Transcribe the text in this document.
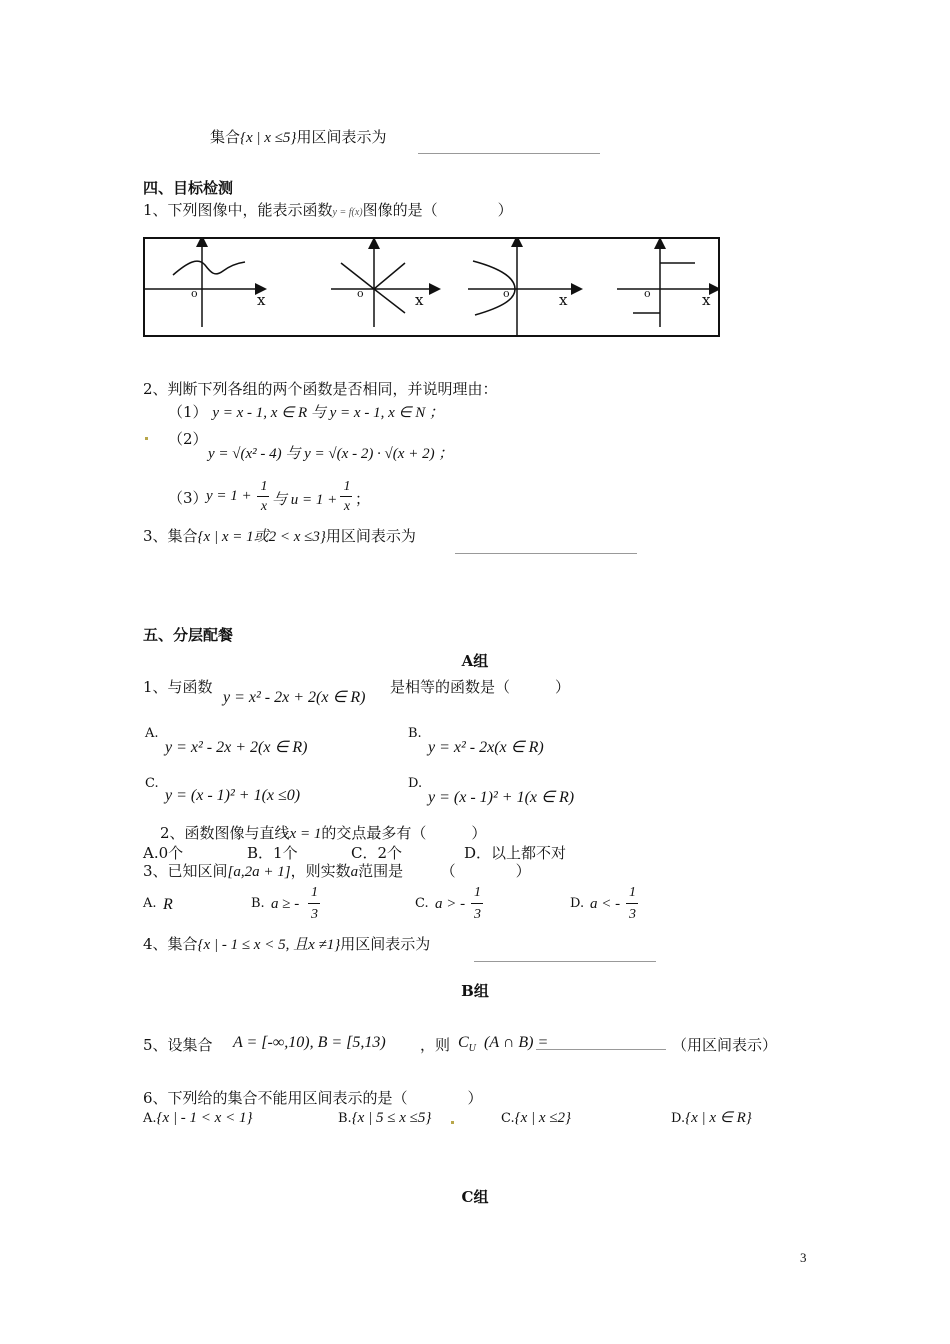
集合{x | x ≤5}用区间表示为
四、目标检测
1、下列图像中，能表示函数y = f(x)图像的是（　　　　）
o	x	o	x	o	x	o	x
2、判断下列各组的两个函数是否相同，并说明理由：
（1） y = x - 1, x ∈ R 与 y = x - 1, x ∈ N ；
（2）
y = √(x² - 4) 与 y = √(x - 2) · √(x + 2) ；
（3）
y = 1 +
1
x 与 u = 1 +
1
x ；
3、集合{x | x = 1或2 < x ≤3}用区间表示为
五、分层配餐
A组
1、与函数
y = x² - 2x + 2(x ∈ R)
是相等的函数是（　　　）
A.
y = x² - 2x + 2(x ∈ R)
B.
y = x² - 2x(x ∈ R)
C.
y = (x - 1)² + 1(x ≤0)
D.
y = (x - 1)² + 1(x ∈ R)
2、函数图像与直线x = 1的交点最多有（　　　）
A.0个	B．1个	C．2个	D．以上都不对
3、已知区间[a,2a + 1]，则实数a范围是　　　（　　　　）
A. R	B. a ≥ -
1
3
C. a > -
1
3
D. a < -
1
3
4、集合{x | - 1 ≤ x < 5, 且x ≠1}用区间表示为
B组
5、设集合 A = [-∞,10), B = [5,13) ，则 $C_U$ (A ∩ B) =	（用区间表示）
6、下列给的集合不能用区间表示的是（　　　　）
A.{x | - 1 < x < 1}	B.{x | 5 ≤ x ≤5}	C.{x | x ≤2}	D.{x | x ∈ R}
C组
3
